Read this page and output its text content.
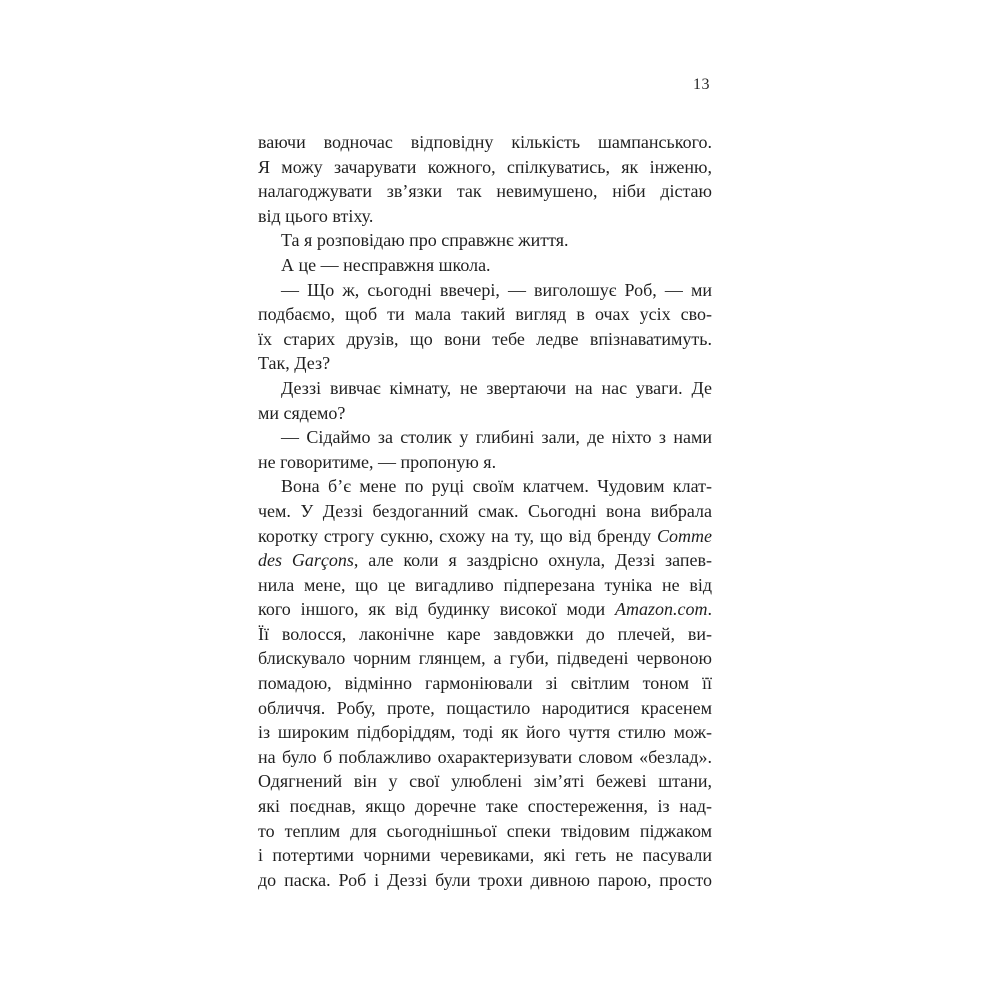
13
ваючи водночас відповідну кількість шампанського.
Я можу зачарувати кожного, спілкуватись, як інженю,
налагоджувати зв’язки так невимушено, ніби дістаю
від цього втіху.
Та я розповідаю про справжнє життя.
А це — несправжня школа.
— Що ж, сьогодні ввечері, — виголошує Роб, — ми
подбаємо, щоб ти мала такий вигляд в очах усіх сво-
їх старих друзів, що вони тебе ледве впізнаватимуть.
Так, Дез?
Деззі вивчає кімнату, не звертаючи на нас уваги. Де
ми сядемо?
— Сідаймо за столик у глибині зали, де ніхто з нами
не говоритиме, — пропоную я.
Вона б’є мене по руці своїм клатчем. Чудовим клат-
чем. У Деззі бездоганний смак. Сьогодні вона вибрала
коротку строгу сукню, схожу на ту, що від бренду Comme
des Garçons, але коли я заздрісно охнула, Деззі запев-
нила мене, що це вигадливо підперезана туніка не від
кого іншого, як від будинку високої моди Amazon.com.
Її волосся, лаконічне каре завдовжки до плечей, ви-
блискувало чорним глянцем, а губи, підведені червоною
помадою, відмінно гармоніювали зі світлим тоном її
обличчя. Робу, проте, пощастило народитися красенем
із широким підборіддям, тоді як його чуття стилю мож-
на було б поблажливо охарактеризувати словом «безлад».
Одягнений він у свої улюблені зім’яті бежеві штани,
які поєднав, якщо доречне таке спостереження, із над-
то теплим для сьогоднішньої спеки твідовим піджаком
і потертими чорними черевиками, які геть не пасували
до паска. Роб і Деззі були трохи дивною парою, просто
